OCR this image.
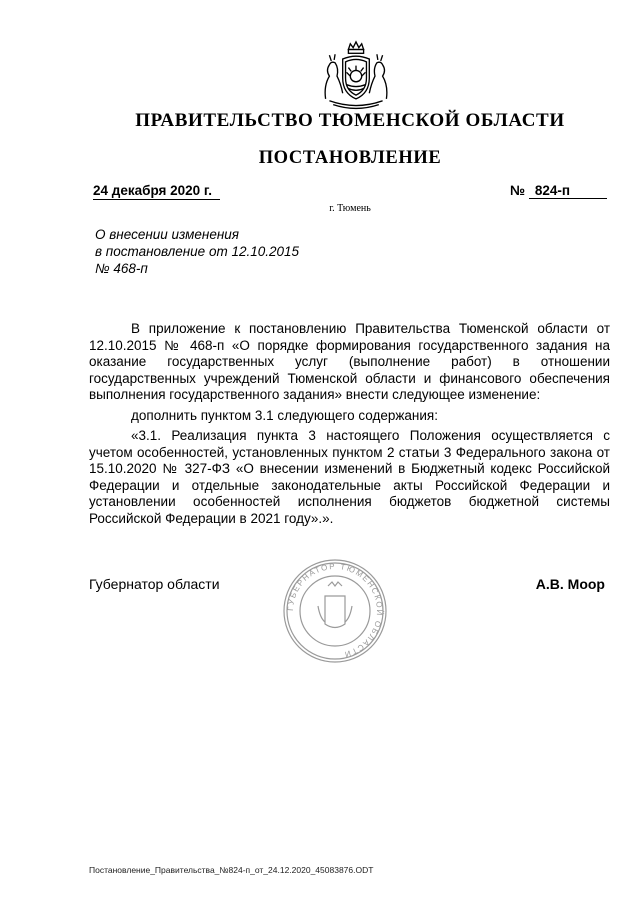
ПРАВИТЕЛЬСТВО ТЮМЕНСКОЙ ОБЛАСТИ
ПОСТАНОВЛЕНИЕ
24 декабря 2020 г.	№ 824-п
г. Тюмень
О внесении изменения
в постановление от 12.10.2015
№ 468-п

В приложение к постановлению Правительства Тюменской области от 12.10.2015 № 468-п «О порядке формирования государственного задания на оказание государственных услуг (выполнение работ) в отношении государственных учреждений Тюменской области и финансового обеспечения выполнения государственного задания» внести следующее изменение:

дополнить пунктом 3.1 следующего содержания:

«3.1. Реализация пункта 3 настоящего Положения осуществляется с учетом особенностей, установленных пунктом 2 статьи 3 Федерального закона от 15.10.2020 № 327-ФЗ «О внесении изменений в Бюджетный кодекс Российской Федерации и отдельные законодательные акты Российской Федерации и установлении особенностей исполнения бюджетов бюджетной системы Российской Федерации в 2021 году».».

Губернатор области
ГУБЕРНАТОР ТЮМЕНСКОЙ ОБЛАСТИ
А.В. Моор
Постановление_Правительства_№824-п_от_24.12.2020_45083876.ODT
